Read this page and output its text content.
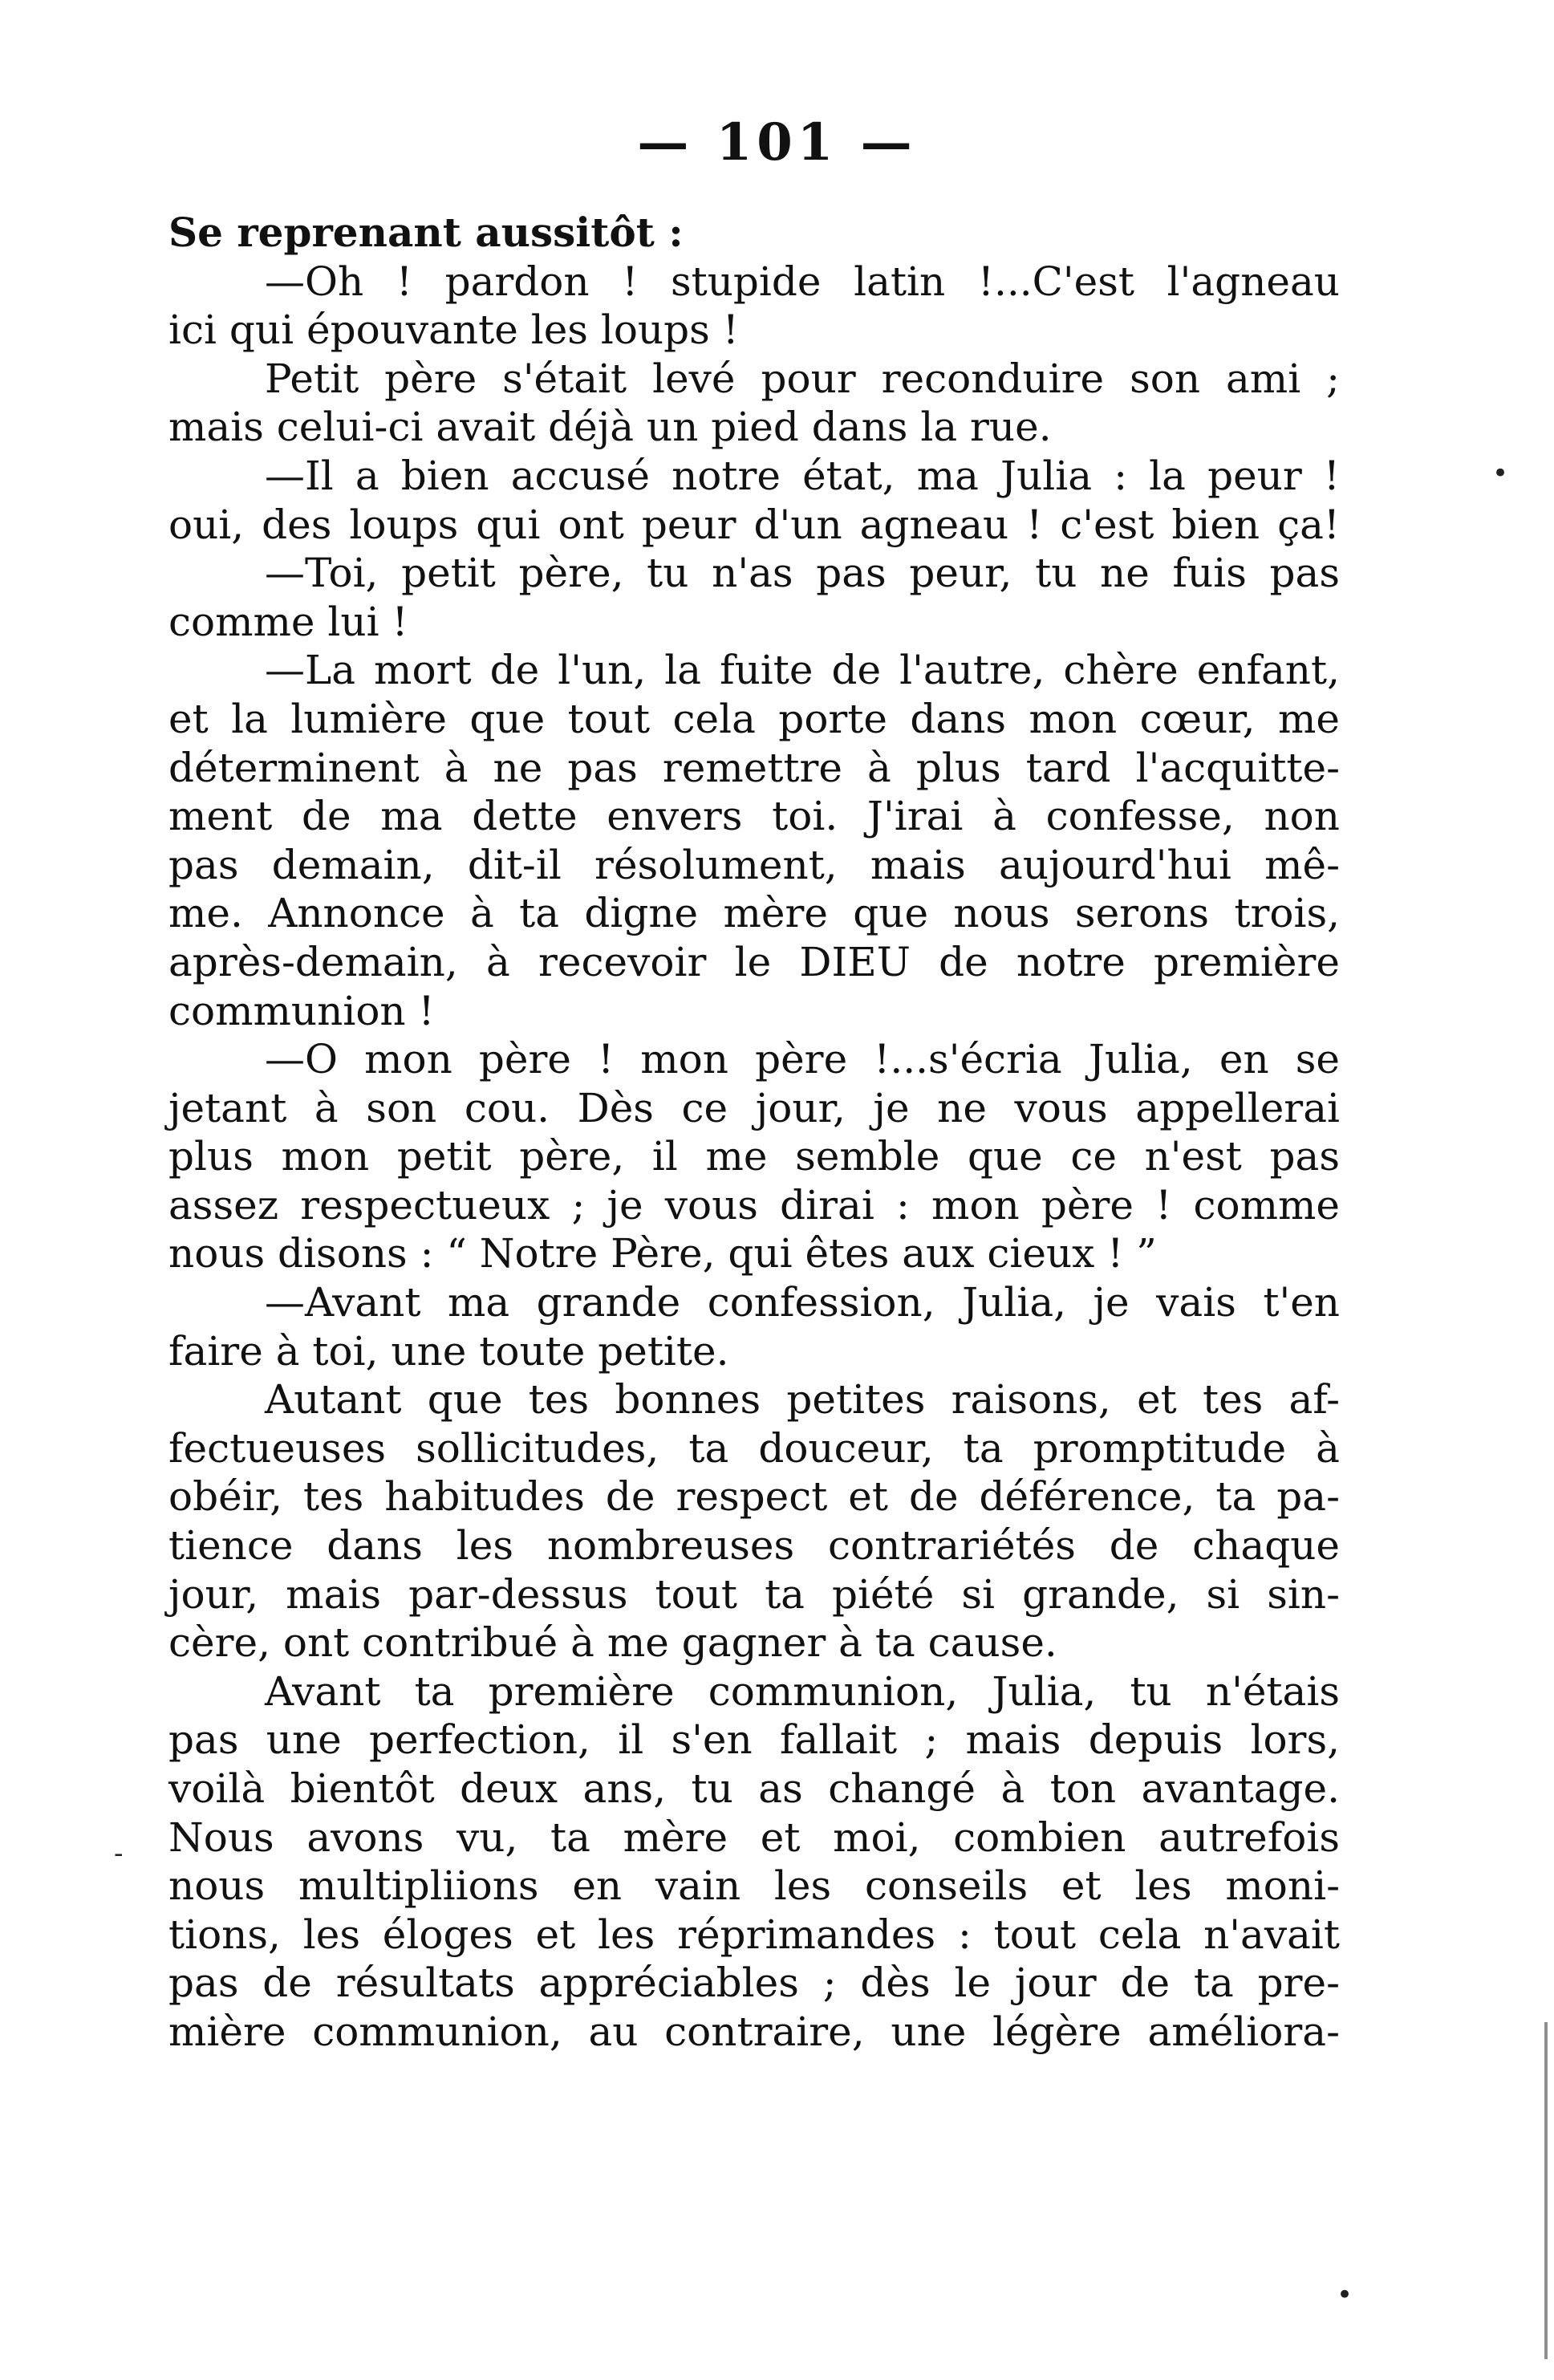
— 101 —
Se reprenant aussitôt :
—Oh ! pardon ! stupide latin !...C'est l'agneau
ici qui épouvante les loups !
Petit père s'était levé pour reconduire son ami ;
mais celui-ci avait déjà un pied dans la rue.
—Il a bien accusé notre état, ma Julia : la peur !
oui, des loups qui ont peur d'un agneau ! c'est bien ça!
—Toi, petit père, tu n'as pas peur, tu ne fuis pas
comme lui !
—La mort de l'un, la fuite de l'autre, chère enfant,
et la lumière que tout cela porte dans mon cœur, me
déterminent à ne pas remettre à plus tard l'acquitte-
ment de ma dette envers toi. J'irai à confesse, non
pas demain, dit-il résolument, mais aujourd'hui mê-
me. Annonce à ta digne mère que nous serons trois,
après-demain, à recevoir le DIEU de notre première
communion !
—O mon père ! mon père !...s'écria Julia, en se
jetant à son cou. Dès ce jour, je ne vous appellerai
plus mon petit père, il me semble que ce n'est pas
assez respectueux ; je vous dirai : mon père ! comme
nous disons : “ Notre Père, qui êtes aux cieux ! ”
—Avant ma grande confession, Julia, je vais t'en
faire à toi, une toute petite.
Autant que tes bonnes petites raisons, et tes af-
fectueuses sollicitudes, ta douceur, ta promptitude à
obéir, tes habitudes de respect et de déférence, ta pa-
tience dans les nombreuses contrariétés de chaque
jour, mais par-dessus tout ta piété si grande, si sin-
cère, ont contribué à me gagner à ta cause.
Avant ta première communion, Julia, tu n'étais
pas une perfection, il s'en fallait ; mais depuis lors,
voilà bientôt deux ans, tu as changé à ton avantage.
Nous avons vu, ta mère et moi, combien autrefois
nous multipliions en vain les conseils et les moni-
tions, les éloges et les réprimandes : tout cela n'avait
pas de résultats appréciables ; dès le jour de ta pre-
mière communion, au contraire, une légère améliora-
•
-
•
